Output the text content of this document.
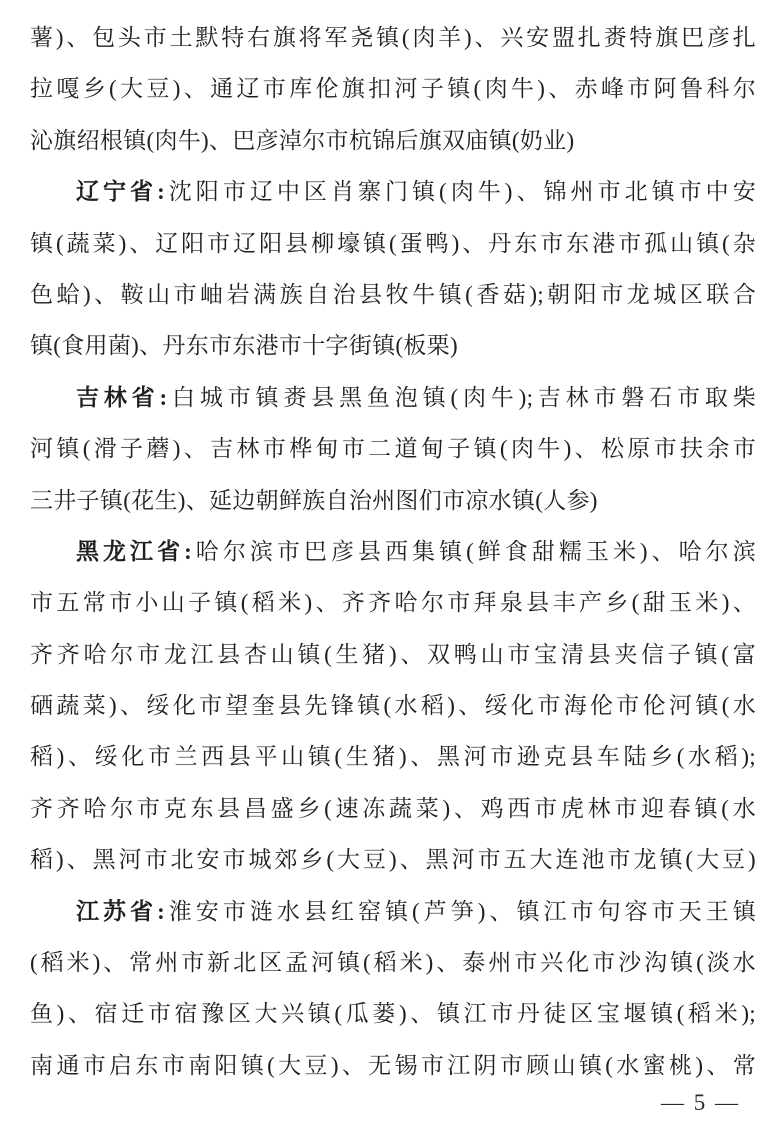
薯)、包头市土默特右旗将军尧镇(肉羊)、兴安盟扎赉特旗巴彦扎
拉嘎乡(大豆)、通辽市库伦旗扣河子镇(肉牛)、赤峰市阿鲁科尔
沁旗绍根镇(肉牛)、巴彦淖尔市杭锦后旗双庙镇(奶业)
辽宁省:沈阳市辽中区肖寨门镇(肉牛)、锦州市北镇市中安
镇(蔬菜)、辽阳市辽阳县柳壕镇(蛋鸭)、丹东市东港市孤山镇(杂
色蛤)、鞍山市岫岩满族自治县牧牛镇(香菇);朝阳市龙城区联合
镇(食用菌)、丹东市东港市十字街镇(板栗)
吉林省:白城市镇赉县黑鱼泡镇(肉牛);吉林市磐石市取柴
河镇(滑子蘑)、吉林市桦甸市二道甸子镇(肉牛)、松原市扶余市
三井子镇(花生)、延边朝鲜族自治州图们市凉水镇(人参)
黑龙江省:哈尔滨市巴彦县西集镇(鲜食甜糯玉米)、哈尔滨
市五常市小山子镇(稻米)、齐齐哈尔市拜泉县丰产乡(甜玉米)、
齐齐哈尔市龙江县杏山镇(生猪)、双鸭山市宝清县夹信子镇(富
硒蔬菜)、绥化市望奎县先锋镇(水稻)、绥化市海伦市伦河镇(水
稻)、绥化市兰西县平山镇(生猪)、黑河市逊克县车陆乡(水稻);
齐齐哈尔市克东县昌盛乡(速冻蔬菜)、鸡西市虎林市迎春镇(水
稻)、黑河市北安市城郊乡(大豆)、黑河市五大连池市龙镇(大豆)
江苏省:淮安市涟水县红窑镇(芦笋)、镇江市句容市天王镇
(稻米)、常州市新北区孟河镇(稻米)、泰州市兴化市沙沟镇(淡水
鱼)、宿迁市宿豫区大兴镇(瓜蒌)、镇江市丹徒区宝堰镇(稻米);
南通市启东市南阳镇(大豆)、无锡市江阴市顾山镇(水蜜桃)、常
— 5 —
